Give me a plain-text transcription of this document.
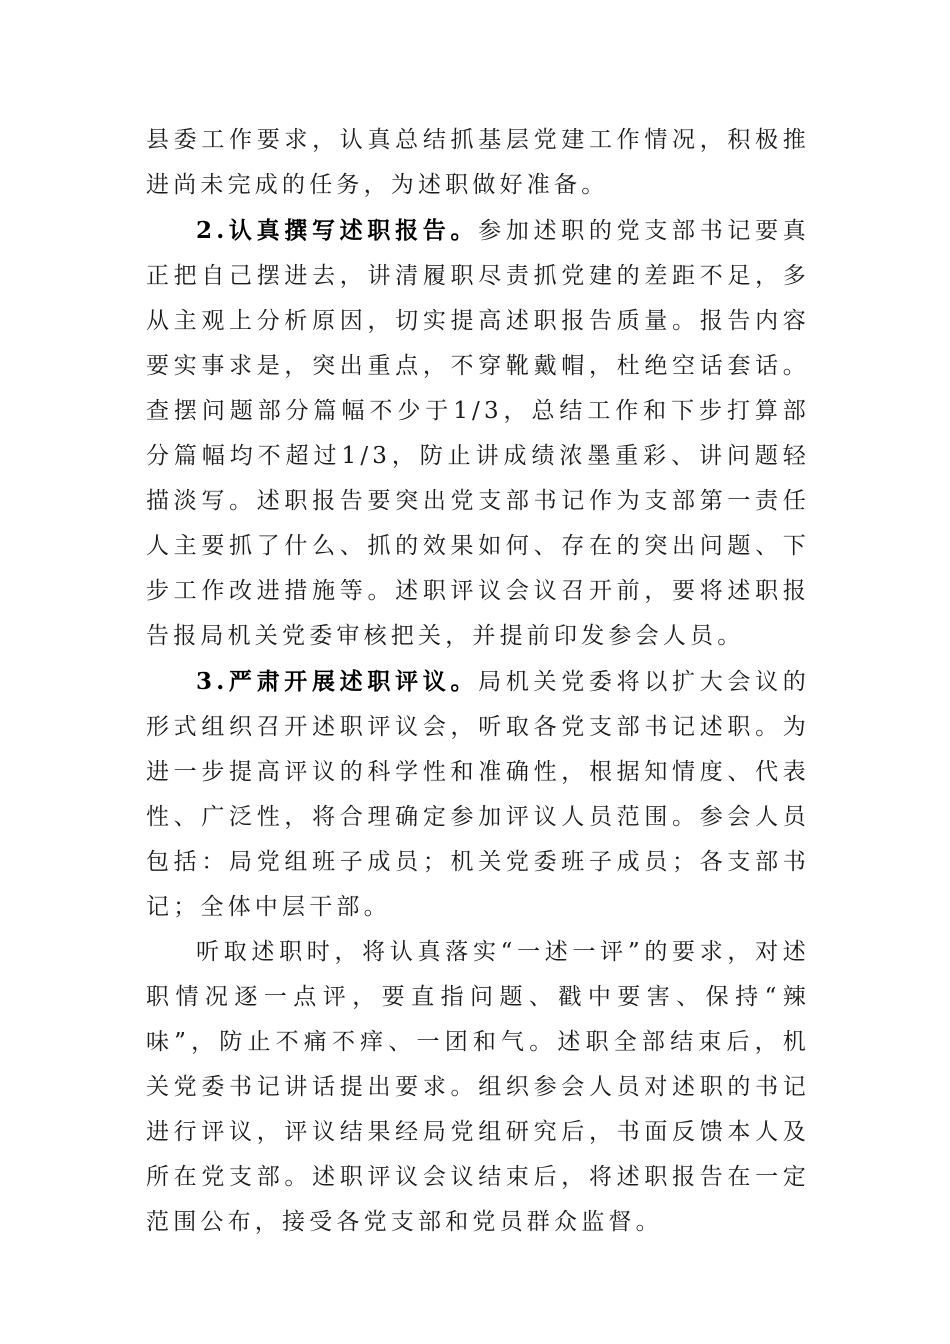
县委工作要求，认真总结抓基层党建工作情况，积极推进尚未完成的任务，为述职做好准备。

2.认真撰写述职报告。参加述职的党支部书记要真正把自己摆进去，讲清履职尽责抓党建的差距不足，多从主观上分析原因，切实提高述职报告质量。报告内容要实事求是，突出重点，不穿靴戴帽，杜绝空话套话。查摆问题部分篇幅不少于1/3，总结工作和下步打算部分篇幅均不超过1/3，防止讲成绩浓墨重彩、讲问题轻描淡写。述职报告要突出党支部书记作为支部第一责任人主要抓了什么、抓的效果如何、存在的突出问题、下步工作改进措施等。述职评议会议召开前，要将述职报告报局机关党委审核把关，并提前印发参会人员。

3.严肃开展述职评议。局机关党委将以扩大会议的形式组织召开述职评议会，听取各党支部书记述职。为进一步提高评议的科学性和准确性，根据知情度、代表性、广泛性，将合理确定参加评议人员范围。参会人员包括：局党组班子成员；机关党委班子成员；各支部书记；全体中层干部。

听取述职时，将认真落实“一述一评”的要求，对述职情况逐一点评，要直指问题、戳中要害、保持“辣味”，防止不痛不痒、一团和气。述职全部结束后，机关党委书记讲话提出要求。组织参会人员对述职的书记进行评议，评议结果经局党组研究后，书面反馈本人及所在党支部。述职评议会议结束后，将述职报告在一定范围公布，接受各党支部和党员群众监督。
